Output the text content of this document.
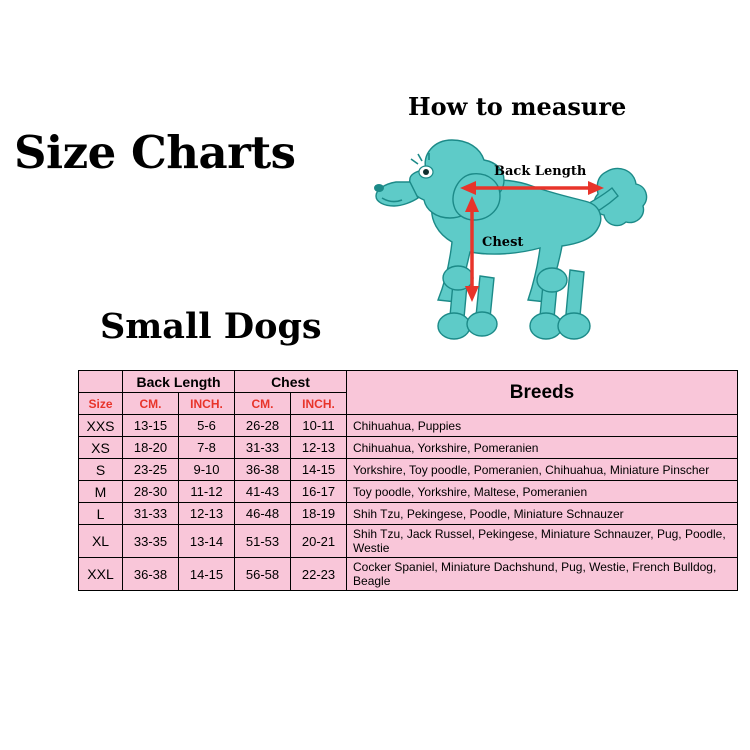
Size Charts
Small Dogs
How to measure
Back Length
Chest
	Back Length		Chest		Breeds
Size	CM.	INCH.	CM.	INCH.	
XXS	13-15	5-6	26-28	10-11	Chihuahua, Puppies
XS	18-20	7-8	31-33	12-13	Chihuahua, Yorkshire, Pomeranien
S	23-25	9-10	36-38	14-15	Yorkshire, Toy poodle, Pomeranien, Chihuahua, Miniature Pinscher
M	28-30	11-12	41-43	16-17	Toy poodle, Yorkshire, Maltese, Pomeranien
L	31-33	12-13	46-48	18-19	Shih Tzu, Pekingese, Poodle, Miniature Schnauzer
XL	33-35	13-14	51-53	20-21	Shih Tzu, Jack Russel, Pekingese, Miniature Schnauzer, Pug, Poodle, Westie
XXL	36-38	14-15	56-58	22-23	Cocker Spaniel, Miniature Dachshund, Pug, Westie, French Bulldog, Beagle
